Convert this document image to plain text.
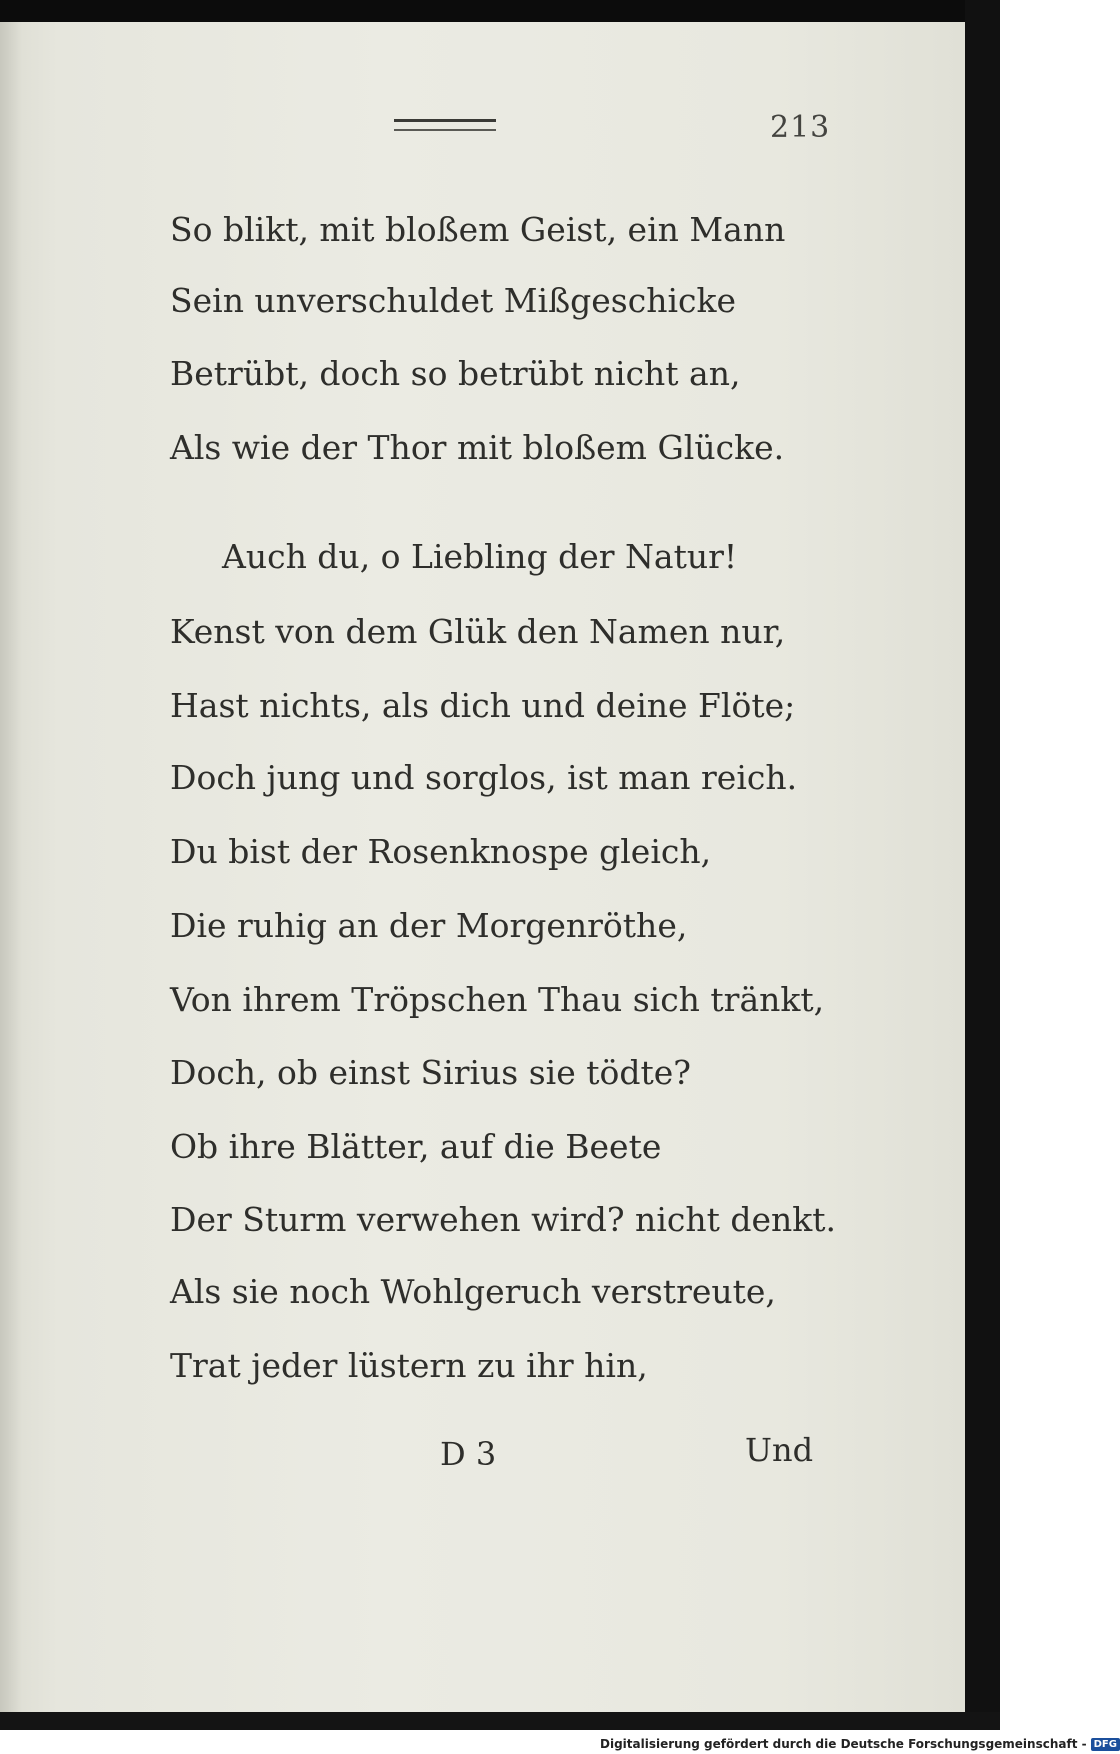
213
So blikt, mit bloßem Geist, ein Mann
Sein unverschuldet Mißgeschicke
Betrübt, doch so betrübt nicht an,
Als wie der Thor mit bloßem Glücke.
Auch du, o Liebling der Natur!
Kenst von dem Glük den Namen nur,
Hast nichts, als dich und deine Flöte;
Doch jung und sorglos, ist man reich.
Du bist der Rosenknospe gleich,
Die ruhig an der Morgenröthe,
Von ihrem Tröpschen Thau sich tränkt,
Doch, ob einst Sirius sie tödte?
Ob ihre Blätter, auf die Beete
Der Sturm verwehen wird? nicht denkt.
Als sie noch Wohlgeruch verstreute,
Trat jeder lüstern zu ihr hin,
D 3	Und
Digitalisierung gefördert durch die Deutsche Forschungsgemeinschaft - DFG
